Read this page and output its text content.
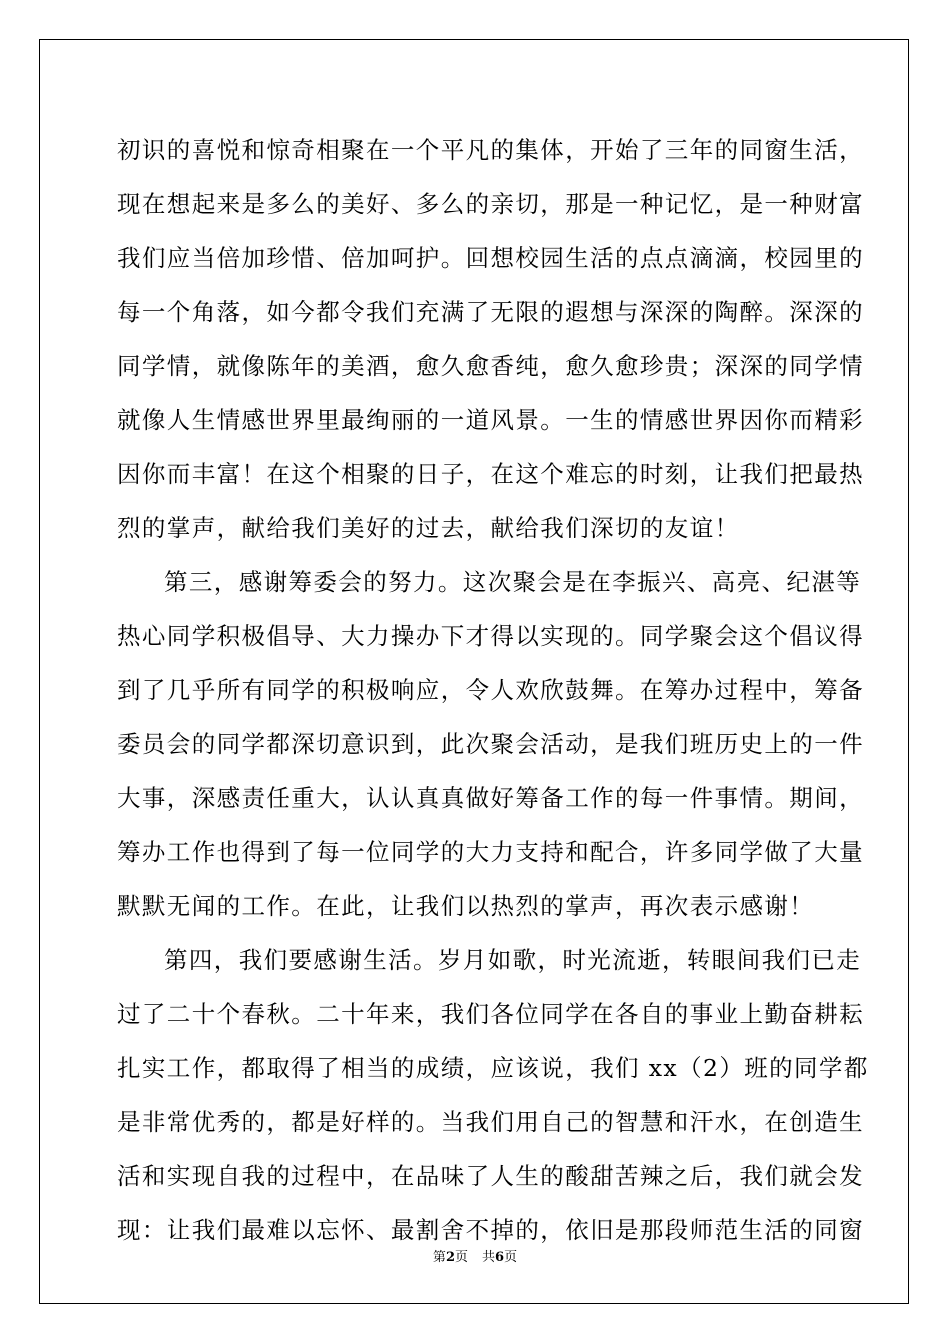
初识的喜悦和惊奇相聚在一个平凡的集体，开始了三年的同窗生活，
现在想起来是多么的美好、多么的亲切，那是一种记忆，是一种财富
我们应当倍加珍惜、倍加呵护。回想校园生活的点点滴滴，校园里的
每一个角落，如今都令我们充满了无限的遐想与深深的陶醉。深深的
同学情，就像陈年的美酒，愈久愈香纯，愈久愈珍贵；深深的同学情
就像人生情感世界里最绚丽的一道风景。一生的情感世界因你而精彩
因你而丰富！在这个相聚的日子，在这个难忘的时刻，让我们把最热
烈的掌声，献给我们美好的过去，献给我们深切的友谊！
第三，感谢筹委会的努力。这次聚会是在李振兴、高亮、纪湛等
热心同学积极倡导、大力操办下才得以实现的。同学聚会这个倡议得
到了几乎所有同学的积极响应，令人欢欣鼓舞。在筹办过程中，筹备
委员会的同学都深切意识到，此次聚会活动，是我们班历史上的一件
大事，深感责任重大，认认真真做好筹备工作的每一件事情。期间，
筹办工作也得到了每一位同学的大力支持和配合，许多同学做了大量
默默无闻的工作。在此，让我们以热烈的掌声，再次表示感谢！
第四，我们要感谢生活。岁月如歌，时光流逝，转眼间我们已走
过了二十个春秋。二十年来，我们各位同学在各自的事业上勤奋耕耘
扎实工作，都取得了相当的成绩，应该说，我们 xx（2）班的同学都
是非常优秀的，都是好样的。当我们用自己的智慧和汗水，在创造生
活和实现自我的过程中，在品味了人生的酸甜苦辣之后，我们就会发
现：让我们最难以忘怀、最割舍不掉的，依旧是那段师范生活的同窗
第2页 共6页
